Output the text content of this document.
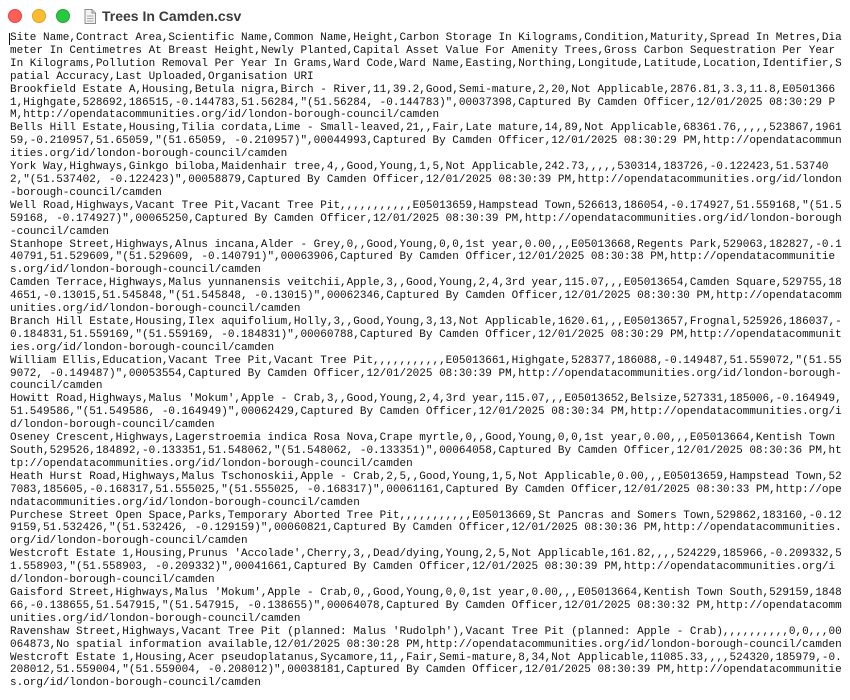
Trees In Camden.csv
Site Name,Contract Area,Scientific Name,Common Name,Height,Carbon Storage In Kilograms,Condition,Maturity,Spread In Metres,Diameter In Centimetres At Breast Height,Newly Planted,Capital Asset Value For Amenity Trees,Gross Carbon Sequestration Per Year In Kilograms,Pollution Removal Per Year In Grams,Ward Code,Ward Name,Easting,Northing,Longitude,Latitude,Location,Identifier,Spatial Accuracy,Last Uploaded,Organisation URI
Brookfield Estate A,Housing,Betula nigra,Birch - River,11,39.2,Good,Semi-mature,2,20,Not Applicable,2876.81,3.3,11.8,E05013661,Highgate,528692,186515,-0.144783,51.56284,"(51.56284, -0.144783)",00037398,Captured By Camden Officer,12/01/2025 08:30:29 PM,http://opendatacommunities.org/id/london-borough-council/camden
Bells Hill Estate,Housing,Tilia cordata,Lime - Small-leaved,21,,Fair,Late mature,14,89,Not Applicable,68361.76,,,,,523867,196159,-0.210957,51.65059,"(51.65059, -0.210957)",00044993,Captured By Camden Officer,12/01/2025 08:30:29 PM,http://opendatacommunities.org/id/london-borough-council/camden
York Way,Highways,Ginkgo biloba,Maidenhair tree,4,,Good,Young,1,5,Not Applicable,242.73,,,,,530314,183726,-0.122423,51.537402,"(51.537402, -0.122423)",00058879,Captured By Camden Officer,12/01/2025 08:30:39 PM,http://opendatacommunities.org/id/london-borough-council/camden
Well Road,Highways,Vacant Tree Pit,Vacant Tree Pit,,,,,,,,,,,E05013659,Hampstead Town,526613,186054,-0.174927,51.559168,"(51.559168, -0.174927)",00065250,Captured By Camden Officer,12/01/2025 08:30:39 PM,http://opendatacommunities.org/id/london-borough-council/camden
Stanhope Street,Highways,Alnus incana,Alder - Grey,0,,Good,Young,0,0,1st year,0.00,,,E05013668,Regents Park,529063,182827,-0.140791,51.529609,"(51.529609, -0.140791)",00063906,Captured By Camden Officer,12/01/2025 08:30:38 PM,http://opendatacommunities.org/id/london-borough-council/camden
Camden Terrace,Highways,Malus yunnanensis veitchii,Apple,3,,Good,Young,2,4,3rd year,115.07,,,E05013654,Camden Square,529755,184651,-0.13015,51.545848,"(51.545848, -0.13015)",00062346,Captured By Camden Officer,12/01/2025 08:30:30 PM,http://opendatacommunities.org/id/london-borough-council/camden
Branch Hill Estate,Housing,Ilex aquifolium,Holly,3,,Good,Young,3,13,Not Applicable,1620.61,,,E05013657,Frognal,525926,186037,-0.184831,51.559169,"(51.559169, -0.184831)",00060788,Captured By Camden Officer,12/01/2025 08:30:29 PM,http://opendatacommunities.org/id/london-borough-council/camden
William Ellis,Education,Vacant Tree Pit,Vacant Tree Pit,,,,,,,,,,,E05013661,Highgate,528377,186088,-0.149487,51.559072,"(51.559072, -0.149487)",00053554,Captured By Camden Officer,12/01/2025 08:30:39 PM,http://opendatacommunities.org/id/london-borough-council/camden
Howitt Road,Highways,Malus 'Mokum',Apple - Crab,3,,Good,Young,2,4,3rd year,115.07,,,E05013652,Belsize,527331,185006,-0.164949,51.549586,"(51.549586, -0.164949)",00062429,Captured By Camden Officer,12/01/2025 08:30:34 PM,http://opendatacommunities.org/id/london-borough-council/camden
Oseney Crescent,Highways,Lagerstroemia indica Rosa Nova,Crape myrtle,0,,Good,Young,0,0,1st year,0.00,,,E05013664,Kentish Town South,529526,184892,-0.133351,51.548062,"(51.548062, -0.133351)",00064058,Captured By Camden Officer,12/01/2025 08:30:36 PM,http://opendatacommunities.org/id/london-borough-council/camden
Heath Hurst Road,Highways,Malus Tschonoskii,Apple - Crab,2,5,,Good,Young,1,5,Not Applicable,0.00,,,E05013659,Hampstead Town,527083,185605,-0.168317,51.555025,"(51.555025, -0.168317)",00061161,Captured By Camden Officer,12/01/2025 08:30:33 PM,http://opendatacommunities.org/id/london-borough-council/camden
Purchese Street Open Space,Parks,Temporary Aborted Tree Pit,,,,,,,,,,,E05013669,St Pancras and Somers Town,529862,183160,-0.129159,51.532426,"(51.532426, -0.129159)",00060821,Captured By Camden Officer,12/01/2025 08:30:36 PM,http://opendatacommunities.org/id/london-borough-council/camden
Westcroft Estate 1,Housing,Prunus 'Accolade',Cherry,3,,Dead/dying,Young,2,5,Not Applicable,161.82,,,,524229,185966,-0.209332,51.558903,"(51.558903, -0.209332)",00041661,Captured By Camden Officer,12/01/2025 08:30:39 PM,http://opendatacommunities.org/id/london-borough-council/camden
Gaisford Street,Highways,Malus 'Mokum',Apple - Crab,0,,Good,Young,0,0,1st year,0.00,,,E05013664,Kentish Town South,529159,184866,-0.138655,51.547915,"(51.547915, -0.138655)",00064078,Captured By Camden Officer,12/01/2025 08:30:32 PM,http://opendatacommunities.org/id/london-borough-council/camden
Ravenshaw Street,Highways,Vacant Tree Pit (planned: Malus 'Rudolph'),Vacant Tree Pit (planned: Apple - Crab),,,,,,,,,,0,0,,,00064873,No spatial information available,12/01/2025 08:30:28 PM,http://opendatacommunities.org/id/london-borough-council/camden
Westcroft Estate 1,Housing,Acer pseudoplatanus,Sycamore,11,,Fair,Semi-mature,8,34,Not Applicable,11085.33,,,,524320,185979,-0.208012,51.559004,"(51.559004, -0.208012)",00038181,Captured By Camden Officer,12/01/2025 08:30:39 PM,http://opendatacommunities.org/id/london-borough-council/camden
